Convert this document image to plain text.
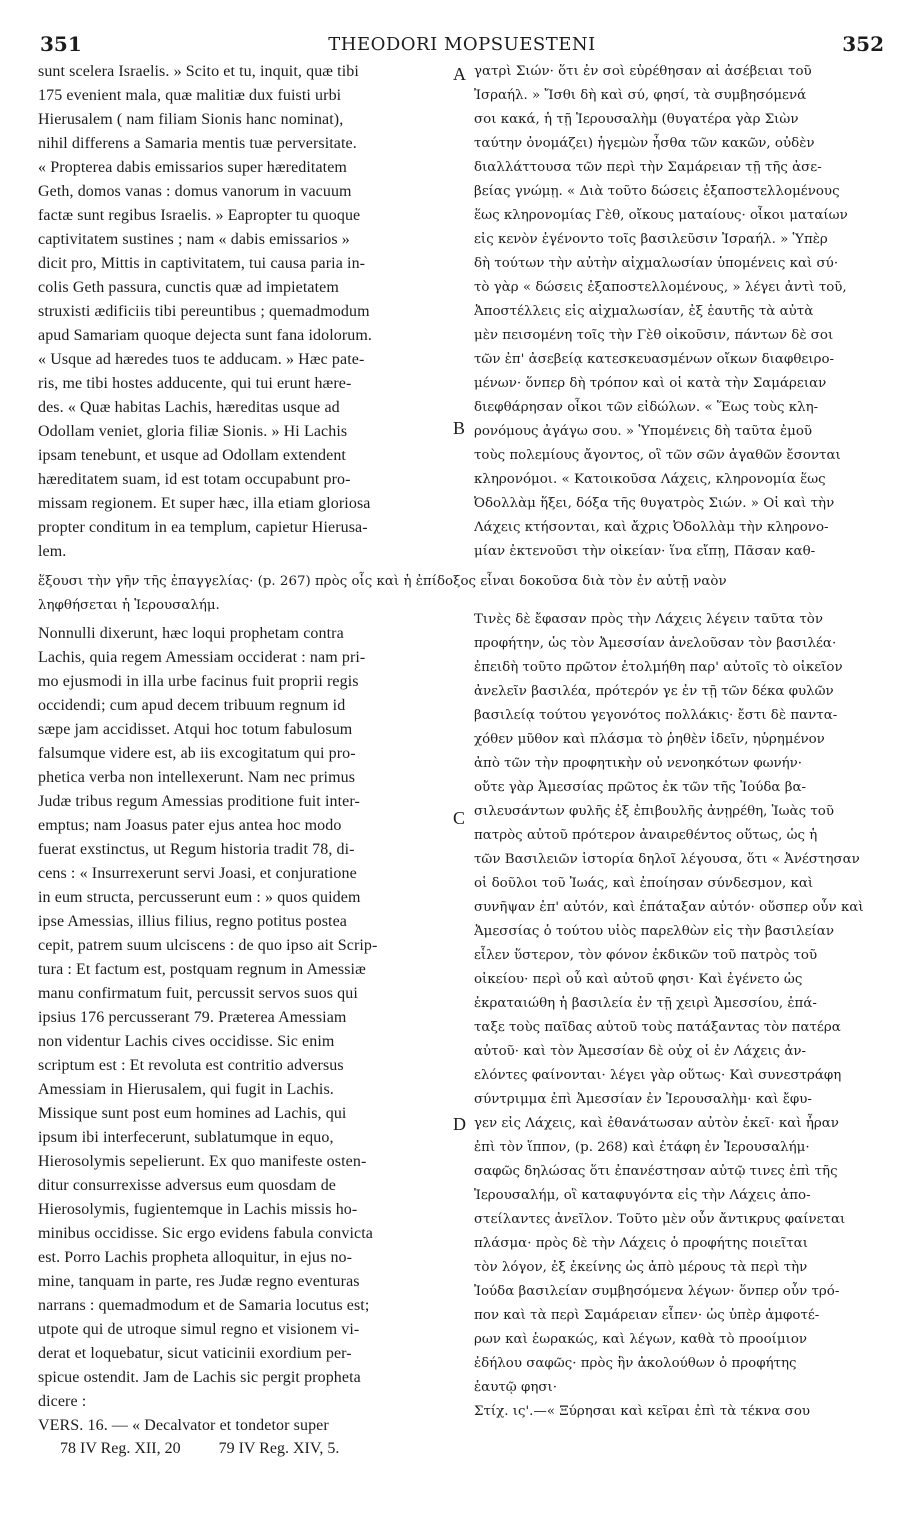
351	THEODORI MOPSUESTENI	352
sunt scelera Israelis. » Scito et tu, inquit, quæ tibi
175 evenient mala, quæ malitiæ dux fuisti urbi
Hierusalem ( nam filiam Sionis hanc nominat),
nihil differens a Samaria mentis tuæ perversitate.
« Propterea dabis emissarios super hæreditatem
Geth, domos vanas : domus vanorum in vacuum
factæ sunt regibus Israelis. » Eapropter tu quoque
captivitatem sustines ; nam « dabis emissarios »
dicit pro, Mittis in captivitatem, tui causa paria in-
colis Geth passura, cunctis quæ ad impietatem
struxisti ædificiis tibi pereuntibus ; quemadmodum
apud Samariam quoque dejecta sunt fana idolorum.
« Usque ad hæredes tuos te adducam. » Hæc pate-
ris, me tibi hostes adducente, qui tui erunt hære-
des. « Quæ habitas Lachis, hæreditas usque ad
Odollam veniet, gloria filiæ Sionis. » Hi Lachis
ipsam tenebunt, et usque ad Odollam extendent
hæreditatem suam, id est totam occupabunt pro-
missam regionem. Et super hæc, illa etiam gloriosa
propter conditum in ea templum, capietur Hierusa-
lem.
γατρὶ Σιών· ὅτι ἐν σοὶ εὑρέθησαν αἱ ἀσέβειαι τοῦ
Ἰσραήλ. » Ἴσθι δὴ καὶ σύ, φησί, τὰ συμβησόμενά
σοι κακά, ἡ τῇ Ἱερουσαλὴμ (θυγατέρα γὰρ Σιὼν
ταύτην ὀνομάζει) ἡγεμὼν ἦσθα τῶν κακῶν, οὐδὲν
διαλλάττουσα τῶν περὶ τὴν Σαμάρειαν τῇ τῆς ἀσε-
βείας γνώμῃ. « Διὰ τοῦτο δώσεις ἐξαποστελλομένους
ἕως κληρονομίας Γὲθ, οἴκους ματαίους· οἶκοι ματαίων
εἰς κενὸν ἐγένοντο τοῖς βασιλεῦσιν Ἰσραήλ. » Ὑπὲρ
δὴ τούτων τὴν αὐτὴν αἰχμαλωσίαν ὑπομένεις καὶ σύ·
τὸ γὰρ « δώσεις ἐξαποστελλομένους, » λέγει ἀντὶ τοῦ,
Ἀποστέλλεις εἰς αἰχμαλωσίαν, ἐξ ἑαυτῆς τὰ αὐτὰ
μὲν πεισομένη τοῖς τὴν Γὲθ οἰκοῦσιν, πάντων δὲ σοι
τῶν ἐπ' ἀσεβείᾳ κατεσκευασμένων οἴκων διαφθειρο-
μένων· ὅνπερ δὴ τρόπον καὶ οἱ κατὰ τὴν Σαμάρειαν
διεφθάρησαν οἶκοι τῶν εἰδώλων. « Ἕως τοὺς κλη-
ρονόμους ἀγάγω σου. » Ὑπομένεις δὴ ταῦτα ἐμοῦ
τοὺς πολεμίους ἄγοντος, οἳ τῶν σῶν ἀγαθῶν ἔσονται
κληρονόμοι. « Κατοικοῦσα Λάχεις, κληρονομία ἕως
Ὀδολλὰμ ἥξει, δόξα τῆς θυγατρὸς Σιών. » Οἱ καὶ τὴν
Λάχεις κτήσονται, καὶ ἄχρις Ὀδολλὰμ τὴν κληρονο-
μίαν ἐκτενοῦσι τὴν οἰκείαν· ἵνα εἴπῃ, Πᾶσαν καθ-
ἕξουσι τὴν γῆν τῆς ἐπαγγελίας· (p. 267) πρὸς οἷς καὶ ἡ ἐπίδοξος εἶναι δοκοῦσα διὰ τὸν ἐν αὐτῇ ναὸν
ληφθήσεται ἡ Ἱερουσαλήμ.
Nonnulli dixerunt, hæc loqui prophetam contra
Lachis, quia regem Amessiam occiderat : nam pri-
mo ejusmodi in illa urbe facinus fuit proprii regis
occidendi; cum apud decem tribuum regnum id
sæpe jam accidisset. Atqui hoc totum fabulosum
falsumque videre est, ab iis excogitatum qui pro-
phetica verba non intellexerunt. Nam nec primus
Judæ tribus regum Amessias proditione fuit inter-
emptus; nam Joasus pater ejus antea hoc modo
fuerat exstinctus, ut Regum historia tradit 78, di-
cens : « Insurrexerunt servi Joasi, et conjuratione
in eum structa, percusserunt eum : » quos quidem
ipse Amessias, illius filius, regno potitus postea
cepit, patrem suum ulciscens : de quo ipso ait Scrip-
tura : Et factum est, postquam regnum in Amessiæ
manu confirmatum fuit, percussit servos suos qui
ipsius 176 percusserant 79. Præterea Amessiam
non videntur Lachis cives occidisse. Sic enim
scriptum est : Et revoluta est contritio adversus
Amessiam in Hierusalem, qui fugit in Lachis.
Missique sunt post eum homines ad Lachis, qui
ipsum ibi interfecerunt, sublatumque in equo,
Hierosolymis sepelierunt. Ex quo manifeste osten-
ditur consurrexisse adversus eum quosdam de
Hierosolymis, fugientemque in Lachis missis ho-
minibus occidisse. Sic ergo evidens fabula convicta
est. Porro Lachis propheta alloquitur, in ejus no-
mine, tanquam in parte, res Judæ regno eventuras
narrans : quemadmodum et de Samaria locutus est;
utpote qui de utroque simul regno et visionem vi-
derat et loquebatur, sicut vaticinii exordium per-
spicue ostendit. Jam de Lachis sic pergit propheta
dicere :
VERS. 16. — « Decalvator et tondetor super
Τινὲς δὲ ἔφασαν πρὸς τὴν Λάχεις λέγειν ταῦτα τὸν
προφήτην, ὡς τὸν Ἀμεσσίαν ἀνελοῦσαν τὸν βασιλέα·
ἐπειδὴ τοῦτο πρῶτον ἐτολμήθη παρ' αὐτοῖς τὸ οἰκεῖον
ἀνελεῖν βασιλέα, πρότερόν γε ἐν τῇ τῶν δέκα φυλῶν
βασιλείᾳ τούτου γεγονότος πολλάκις· ἔστι δὲ παντα-
χόθεν μῦθον καὶ πλάσμα τὸ ῥηθὲν ἰδεῖν, ηὑρημένον
ἀπὸ τῶν τὴν προφητικὴν οὐ νενοηκότων φωνήν·
οὔτε γὰρ Ἀμεσσίας πρῶτος ἐκ τῶν τῆς Ἰούδα βα-
σιλευσάντων φυλῆς ἐξ ἐπιβουλῆς ἀνῃρέθη, Ἰωὰς τοῦ
πατρὸς αὐτοῦ πρότερον ἀναιρεθέντος οὕτως, ὡς ἡ
τῶν Βασιλειῶν ἱστορία δηλοῖ λέγουσα, ὅτι « Ἀνέστησαν
οἱ δοῦλοι τοῦ Ἰωάς, καὶ ἐποίησαν σύνδεσμον, καὶ
συνῆψαν ἐπ' αὐτόν, καὶ ἐπάταξαν αὐτόν· οὕσπερ οὖν καὶ
Ἀμεσσίας ὁ τούτου υἱὸς παρελθὼν εἰς τὴν βασιλείαν
εἷλεν ὕστερον, τὸν φόνον ἐκδικῶν τοῦ πατρὸς τοῦ
οἰκείου· περὶ οὗ καὶ αὐτοῦ φησι· Καὶ ἐγένετο ὡς
ἐκραταιώθη ἡ βασιλεία ἐν τῇ χειρὶ Ἀμεσσίου, ἐπά-
ταξε τοὺς παῖδας αὐτοῦ τοὺς πατάξαντας τὸν πατέρα
αὐτοῦ· καὶ τὸν Ἀμεσσίαν δὲ οὐχ οἱ ἐν Λάχεις ἀν-
ελόντες φαίνονται· λέγει γὰρ οὕτως· Καὶ συνεστράφη
σύντριμμα ἐπὶ Ἀμεσσίαν ἐν Ἱερουσαλὴμ· καὶ ἔφυ-
γεν εἰς Λάχεις, καὶ ἐθανάτωσαν αὐτὸν ἐκεῖ· καὶ ἦραν
ἐπὶ τὸν ἵππον, (p. 268) καὶ ἐτάφη ἐν Ἱερουσαλήμ·
σαφῶς δηλώσας ὅτι ἐπανέστησαν αὐτῷ τινες ἐπὶ τῆς
Ἱερουσαλήμ, οἳ καταφυγόντα εἰς τὴν Λάχεις ἀπο-
στείλαντες ἀνεῖλον. Τοῦτο μὲν οὖν ἄντικρυς φαίνεται
πλάσμα· πρὸς δὲ τὴν Λάχεις ὁ προφήτης ποιεῖται
τὸν λόγον, ἐξ ἐκείνης ὡς ἀπὸ μέρους τὰ περὶ τὴν
Ἰούδα βασιλείαν συμβησόμενα λέγων· ὅνπερ οὖν τρό-
πον καὶ τὰ περὶ Σαμάρειαν εἶπεν· ὡς ὑπὲρ ἀμφοτέ-
ρων καὶ ἑωρακώς, καὶ λέγων, καθὰ τὸ προοίμιον
ἐδήλου σαφῶς· πρὸς ἣν ἀκολούθων ὁ προφήτης
ἑαυτῷ φησι·
Στίχ. ις'.—« Ξύρησαι καὶ κεῖραι ἐπὶ τὰ τέκνα σου
A
B
C
D
78 IV Reg. XII, 20 79 IV Reg. XIV, 5.
